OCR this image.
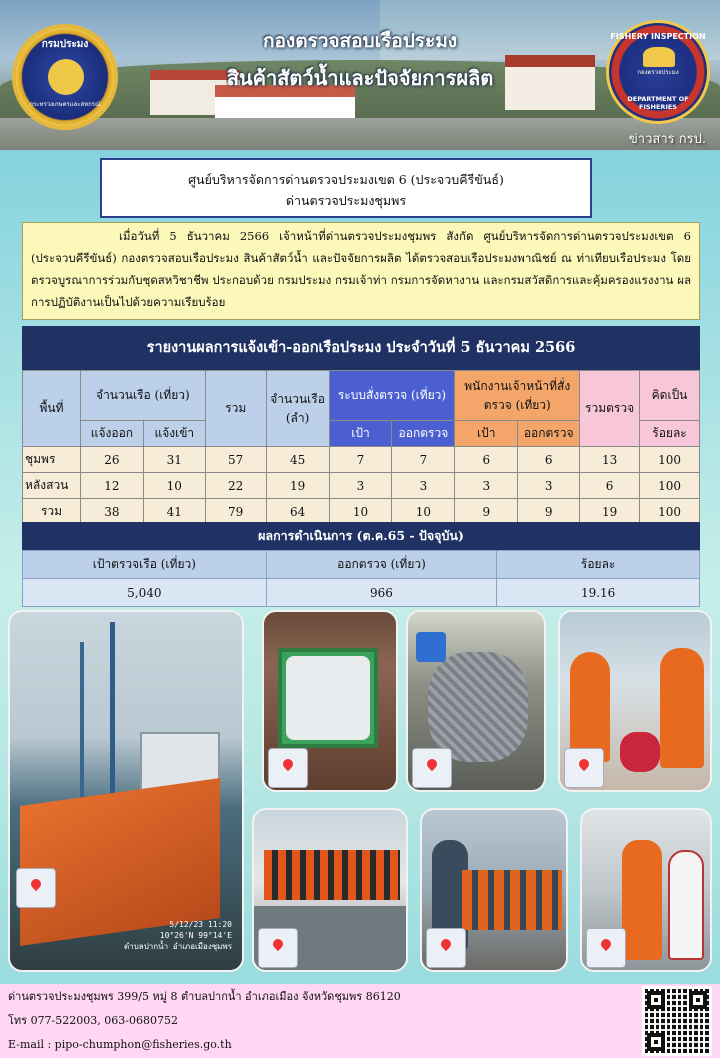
กรมประมง
กระทรวงเกษตรและสหกรณ์
กองตรวจสอบเรือประมง
สินค้าสัตว์น้ำและปัจจัยการผลิต
FISHERY INSPECTION
กองตรวจประมง
DEPARTMENT OF FISHERIES
ข่าวสาร กรป.
ศูนย์บริหารจัดการด่านตรวจประมงเขต 6 (ประจวบคีรีขันธ์)
ด่านตรวจประมงชุมพร
เมื่อวันที่ 5 ธันวาคม 2566 เจ้าหน้าที่ด่านตรวจประมงชุมพร สังกัด ศูนย์บริหารจัดการด่านตรวจประมงเขต 6 (ประจวบคีรีขันธ์) กองตรวจสอบเรือประมง สินค้าสัตว์น้ำ และปัจจัยการผลิต ได้ตรวจสอบเรือประมงพาณิชย์ ณ ท่าเทียบเรือประมง โดยตรวจบูรณาการร่วมกับชุดสหวิชาชีพ ประกอบด้วย กรมประมง กรมเจ้าท่า กรมการจัดหางาน และกรมสวัสดิการและคุ้มครองแรงงาน ผลการปฏิบัติงานเป็นไปด้วยความเรียบร้อย
รายงานผลการแจ้งเข้า-ออกเรือประมง ประจำวันที่ 5 ธันวาคม 2566
พื้นที่	จำนวนเรือ (เที่ยว)		รวม	จำนวนเรือ (ลำ)	ระบบสั่งตรวจ (เที่ยว)		พนักงานเจ้าหน้าที่สั่งตรวจ (เที่ยว)		รวมตรวจ	คิดเป็น
	แจ้งออก	แจ้งเข้า			เป้า	ออกตรวจ	เป้า	ออกตรวจ		ร้อยละ
ชุมพร	26	31	57	45	7	7	6	6	13	100
หลังสวน	12	10	22	19	3	3	3	3	6	100
รวม	38	41	79	64	10	10	9	9	19	100
ผลการดำเนินการ (ต.ค.65 - ปัจจุบัน)
เป้าตรวจเรือ (เที่ยว)	ออกตรวจ (เที่ยว)	ร้อยละ
5,040	966	19.16
5/12/23 11:20
10°26'N 99°14'E
ตำบลปากน้ำ อำเภอเมืองชุมพร
ด่านตรวจประมงชุมพร 399/5 หมู่ 8 ตำบลปากน้ำ อำเภอเมือง จังหวัดชุมพร 86120
โทร 077-522003, 063-0680752
E-mail : pipo-chumphon@fisheries.go.th
